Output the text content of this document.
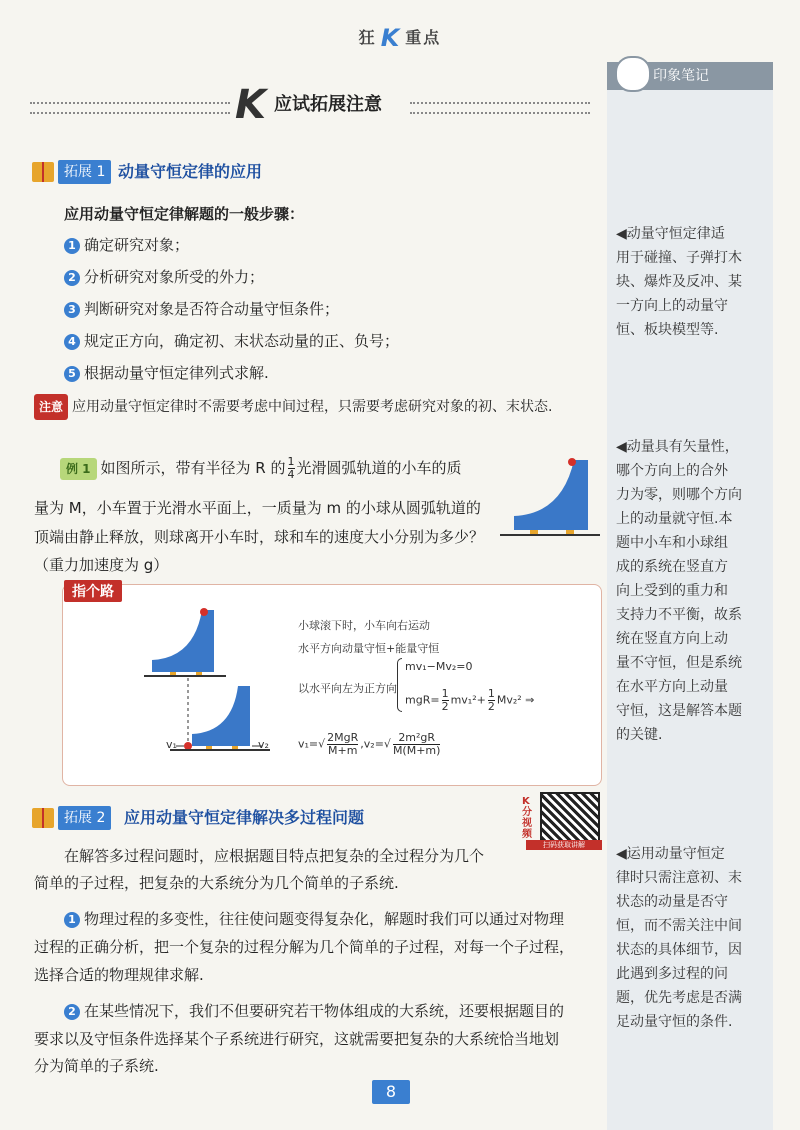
狂 K 重点
印象笔记
K 应试拓展注意
拓展 1 动量守恒定律的应用
应用动量守恒定律解题的一般步骤：
1 确定研究对象；
2 分析研究对象所受的外力；
3 判断研究对象是否符合动量守恒条件；
4 规定正方向，确定初、末状态动量的正、负号；
5 根据动量守恒定律列式求解.
注意 应用动量守恒定律时不需要考虑中间过程，只需要考虑研究对象的初、末状态.
例 1 如图所示，带有半径为 R 的 $\frac{1}{4}$ 光滑圆弧轨道的小车的质
量为 M，小车置于光滑水平面上，一质量为 m 的小球从圆弧轨道的
顶端由静止释放，则球离开小车时，球和车的速度大小分别为多少？
（重力加速度为 g）
◀动量守恒定律适
用于碰撞、子弹打木
块、爆炸及反冲、某
一方向上的动量守
恒、板块模型等.
◀动量具有矢量性，
哪个方向上的合外
力为零，则哪个方向
上的动量就守恒.本
题中小车和小球组
成的系统在竖直方
向上受到的重力和
支持力不平衡，故系
统在竖直方向上动
量不守恒，但是系统
在水平方向上动量
守恒，这是解答本题
的关键.
◀运用动量守恒定
律时只需注意初、末
状态的动量是否守
恒，而不需关注中间
状态的具体细节，因
此遇到多过程的问
题，优先考虑是否满
足动量守恒的条件.
指个路
v₁	v₂
小球滚下时，小车向右运动
水平方向动量守恒+能量守恒
以水平向左为正方向
mv₁−Mv₂=0
$mgR= \frac{1}{2} mv_1^2+ \frac{1}{2} Mv_2^2$ ⇒
$v_1=√ \frac{\text{2MgR}}{M+m} ,v_2=√ \frac{\text{2m²gR}}{M(M+m)}$
拓展 2	应用动量守恒定律解决多过程问题
K分视频
扫码获取讲解
在解答多过程问题时，应根据题目特点把复杂的全过程分为几个
简单的子过程，把复杂的大系统分为几个简单的子系统.
1 物理过程的多变性，往往使问题变得复杂化，解题时我们可以通过对物理
过程的正确分析，把一个复杂的过程分解为几个简单的子过程，对每一个子过程，
选择合适的物理规律求解.
2 在某些情况下，我们不但要研究若干物体组成的大系统，还要根据题目的
要求以及守恒条件选择某个子系统进行研究，这就需要把复杂的大系统恰当地划
分为简单的子系统.
8
